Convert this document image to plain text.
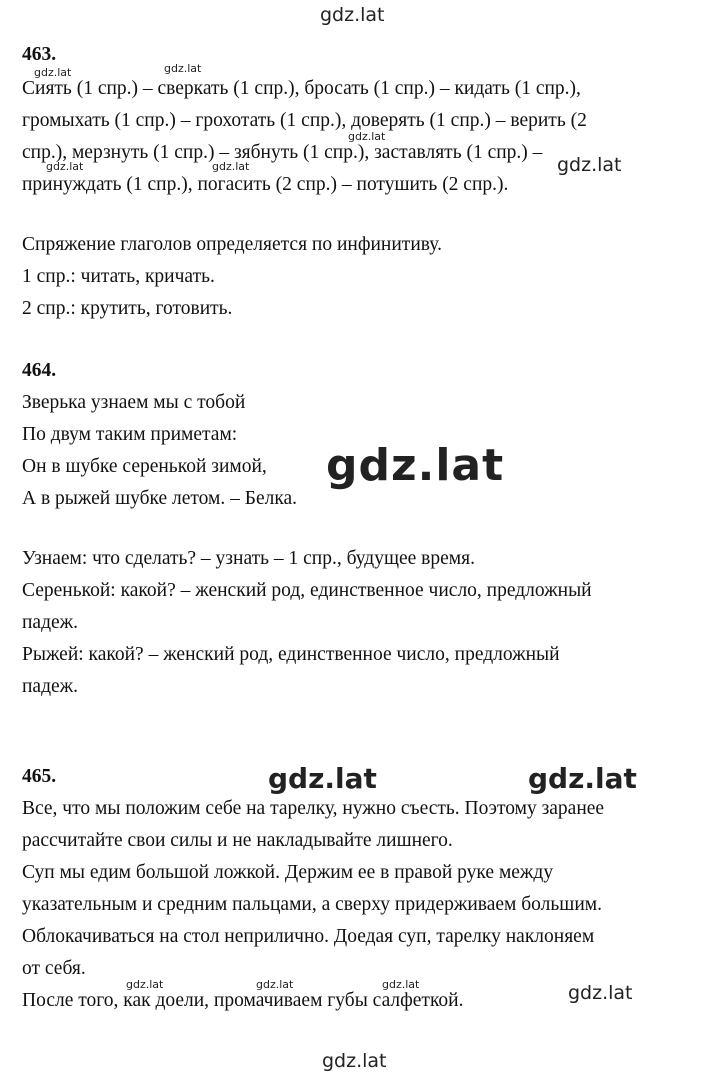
gdz.lat
gdz.lat
gdz.lat
gdz.lat	gdz.lat
gdz.lat
gdz.lat
gdz.lat	gdz.lat
gdz.lat
gdz.lat	gdz.lat
gdz.lat	gdz.lat	gdz.lat
463.
Сиять (1 спр.) – сверкать (1 спр.), бросать (1 спр.) – кидать (1 спр.),
громыхать (1 спр.) – грохотать (1 спр.), доверять (1 спр.) – верить (2
спр.), мерзнуть (1 спр.) – зябнуть (1 спр.), заставлять (1 спр.) –
принуждать (1 спр.), погасить (2 спр.) – потушить (2 спр.).
Спряжение глаголов определяется по инфинитиву.
1 спр.: читать, кричать.
2 спр.: крутить, готовить.
464.
Зверька узнаем мы с тобой
По двум таким приметам:
Он в шубке серенькой зимой,
А в рыжей шубке летом. – Белка.
Узнаем: что сделать? – узнать – 1 спр., будущее время.
Серенькой: какой? – женский род, единственное число, предложный
падеж.
Рыжей: какой? – женский род, единственное число, предложный
падеж.
465.
Все, что мы положим себе на тарелку, нужно съесть. Поэтому заранее
рассчитайте свои силы и не накладывайте лишнего.
Суп мы едим большой ложкой. Держим ее в правой руке между
указательным и средним пальцами, а сверху придерживаем большим.
Облокачиваться на стол неприлично. Доедая суп, тарелку наклоняем
от себя.
После того, как доели, промачиваем губы салфеткой.
